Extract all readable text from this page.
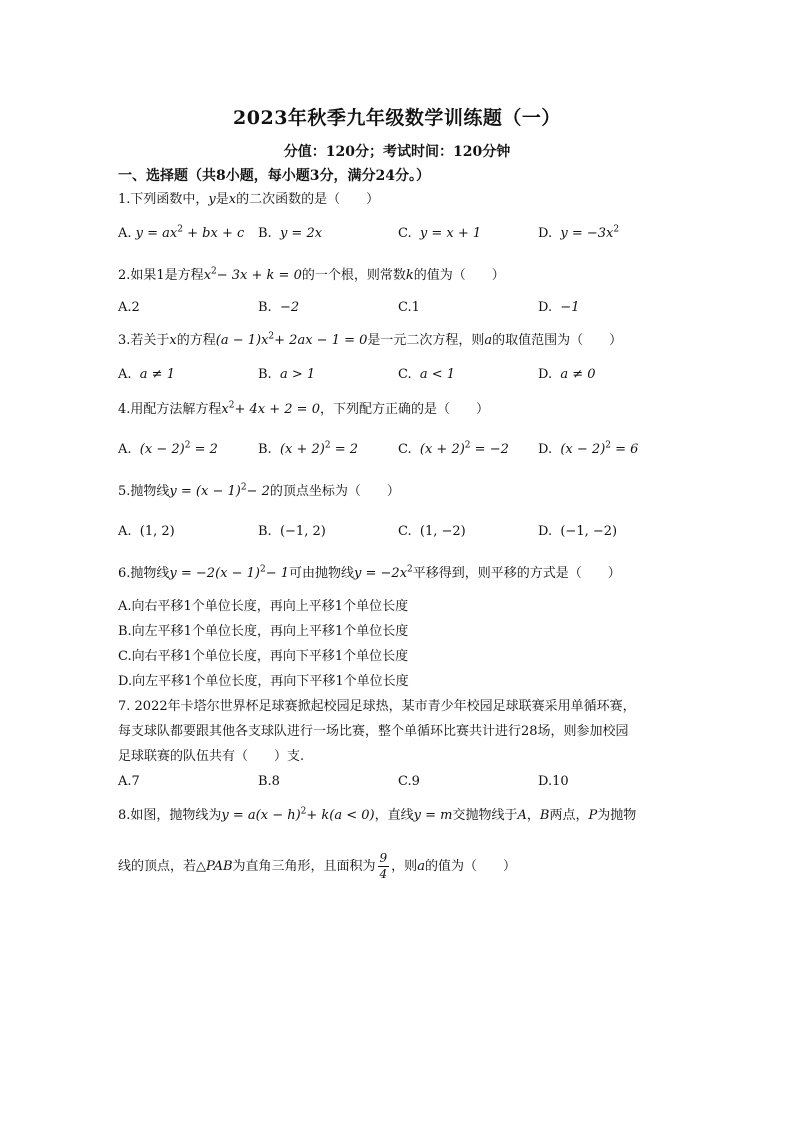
2023年秋季九年级数学训练题（一）
分值：120分；考试时间：120分钟
一、选择题（共8小题，每小题3分，满分24分。）
1.下列函数中，y是x的二次函数的是（　　）
A. $y = ax^2$ + bx + c B. y = 2x	C. y = x + 1	D. $y = -3x^2$
2.如果1是方程$x^2- 3x + k = 0$的一个根，则常数k的值为（　　）
A.2	B. −2	C.1	D. −1
3.若关于x的方程$(a - 1)x^2+ 2ax - 1 = 0$是一元二次方程，则a的取值范围为（　　）
A. a ≠ 1	B. a > 1	C. a < 1	D. a ≠ 0
4.用配方法解方程$x^2+ 4x + 2 = 0$，下列配方正确的是（　　）
A. $(x - 2)^2 = 2$	B. $(x + 2)^2 = 2$	C. $(x + 2)^2 = -2$ D. $(x - 2)^2 = 6$
5.抛物线$y = (x - 1)^2- 2$的顶点坐标为（　　）
A. (1, 2)	B. (−1, 2)	C. (1, −2)	D. (−1, −2)
6.抛物线$y = -2(x - 1)^2- 1$可由抛物线$y = -2x^2$平移得到，则平移的方式是（　　）
A.向右平移1个单位长度，再向上平移1个单位长度
B.向左平移1个单位长度，再向上平移1个单位长度
C.向右平移1个单位长度，再向下平移1个单位长度
D.向左平移1个单位长度，再向下平移1个单位长度
7. 2022年卡塔尔世界杯足球赛掀起校园足球热，某市青少年校园足球联赛采用单循环赛，
每支球队都要跟其他各支球队进行一场比赛，整个单循环比赛共计进行28场，则参加校园
足球联赛的队伍共有（　　）支.
A.7	B.8	C.9	D.10
8.如图，抛物线为$y = a(x - h)^2+ k(a < 0)$，直线y = m交抛物线于A，B两点，P为抛物
线的顶点，若△PAB为直角三角形，且面积为 $\frac{9}{4}$ ，则a的值为（　　）
